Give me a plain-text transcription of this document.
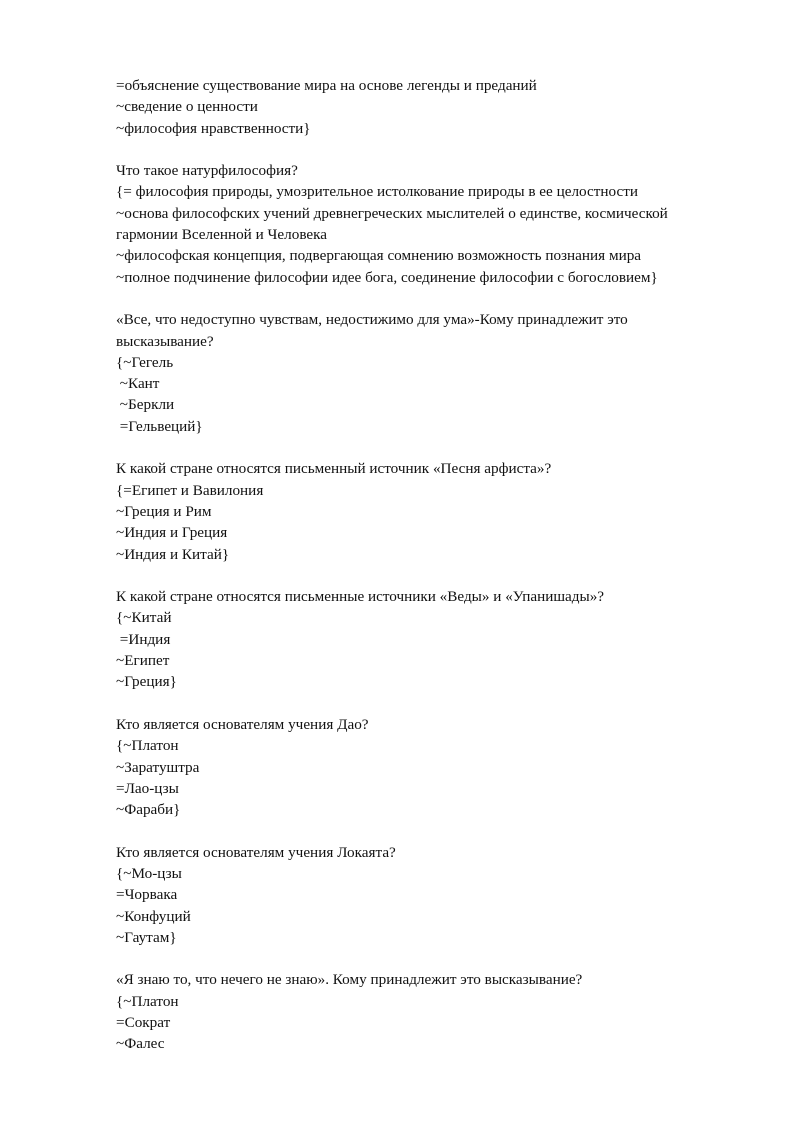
=объяснение существование мира на основе легенды и преданий
~сведение о ценности
~философия нравственности}
Что такое натурфилософия?
{= философия природы, умозрительное истолкование природы в ее целостности
~основа философских учений древнегреческих мыслителей о единстве, космической
гармонии Вселенной и Человека
~философская концепция, подвергающая сомнению возможность познания мира
~полное подчинение философии идее бога, соединение философии с богословием}
«Все, что недоступно чувствам, недостижимо для ума»-Кому принадлежит это
высказывание?
{~Гегель
~Кант
~Беркли
=Гельвеций}
К какой стране относятся письменный источник «Песня арфиста»?
{=Египет и Вавилония
~Греция и Рим
~Индия и Греция
~Индия и Китай}
К какой стране относятся письменные источники «Веды» и «Упанишады»?
{~Китай
=Индия
~Египет
~Греция}
Кто является основателям учения Дао?
{~Платон
~Заратуштра
=Лао-цзы
~Фараби}
Кто является основателям учения Локаята?
{~Мо-цзы
=Чорвака
~Конфуций
~Гаутам}
«Я знаю то, что нечего не знаю». Кому принадлежит это высказывание?
{~Платон
=Сократ
~Фалес
